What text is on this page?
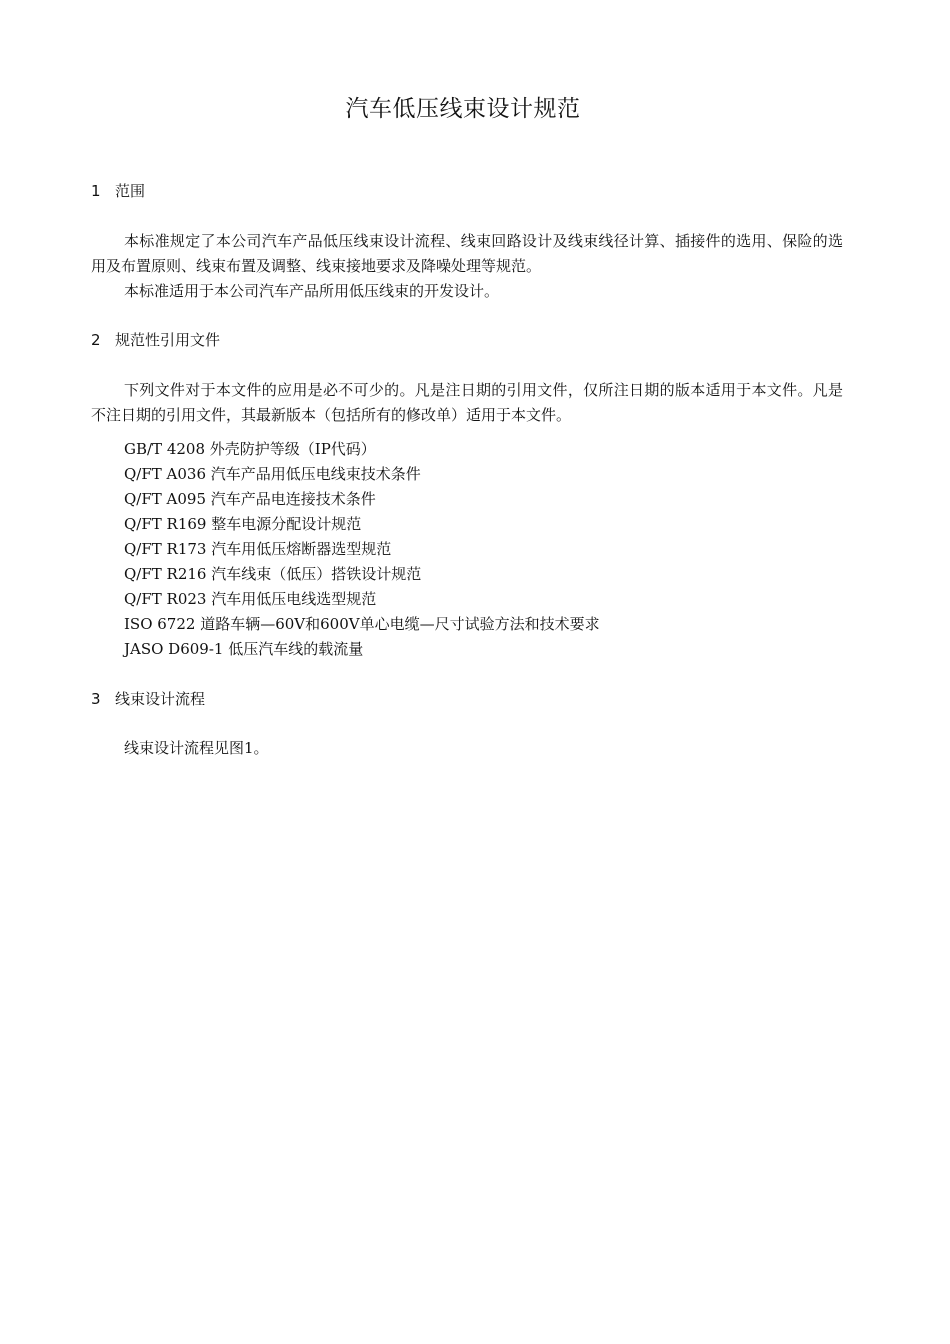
汽车低压线束设计规范
1 范围
本标准规定了本公司汽车产品低压线束设计流程、线束回路设计及线束线径计算、插接件的选用、保险的选用及布置原则、线束布置及调整、线束接地要求及降噪处理等规范。
本标准适用于本公司汽车产品所用低压线束的开发设计。
2 规范性引用文件
下列文件对于本文件的应用是必不可少的。凡是注日期的引用文件，仅所注日期的版本适用于本文件。凡是不注日期的引用文件，其最新版本（包括所有的修改单）适用于本文件。
GB/T 4208 外壳防护等级（IP代码）
Q/FT A036 汽车产品用低压电线束技术条件
Q/FT A095 汽车产品电连接技术条件
Q/FT R169 整车电源分配设计规范
Q/FT R173 汽车用低压熔断器选型规范
Q/FT R216 汽车线束（低压）搭铁设计规范
Q/FT R023 汽车用低压电线选型规范
ISO 6722 道路车辆—60V和600V单心电缆—尺寸试验方法和技术要求
JASO D609-1 低压汽车线的载流量
3 线束设计流程
线束设计流程见图1。
